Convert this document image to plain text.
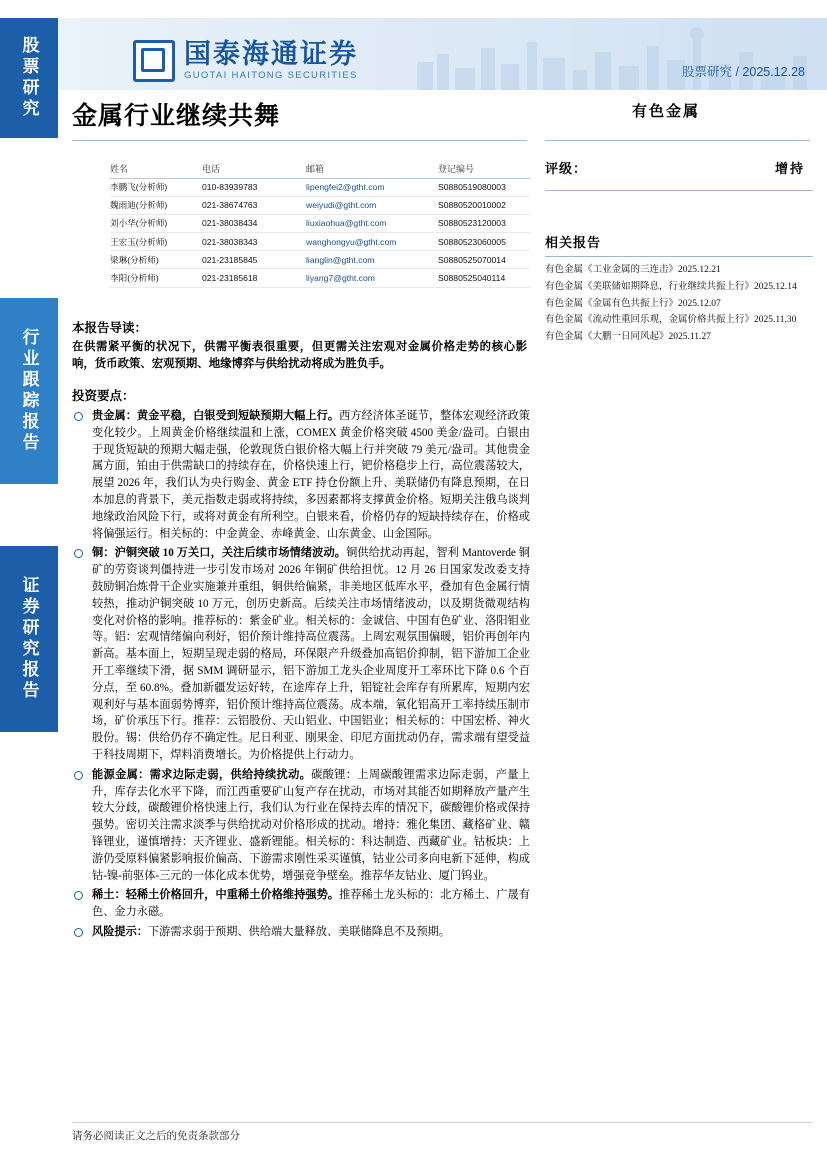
股票研究
行业跟踪报告
证券研究报告
国泰海通证券
GUOTAI HAITONG SECURITIES	股票研究 / 2025.12.28
金属行业继续共舞	有色金属
姓名	电话	邮箱	登记编号
李鹏飞(分析师)	010-83939783	lipengfei2@gtht.com	S0880519080003
魏雨迪(分析师)	021-38674763	weiyudi@gtht.com	S0880520010002
刘小华(分析师)	021-38038434	liuxiaohua@gtht.com	S0880523120003
王宏玉(分析师)	021-38038343	wanghongyu@gtht.com	S0880523060005
梁琳(分析师)	021-23185845	lianglin@gtht.com	S0880525070014
李阳(分析师)	021-23185618	liyang7@gtht.com	S0880525040114
评级：	增持
相关报告
有色金属《工业金属的三连击》2025.12.21
有色金属《美联储如期降息，行业继续共振上行》2025.12.14
有色金属《金属有色共振上行》2025.12.07
有色金属《流动性重回乐观，金属价格共振上行》2025.11.30
有色金属《大鹏一日同风起》2025.11.27
本报告导读：
在供需紧平衡的状况下，供需平衡表很重要，但更需关注宏观对金属价格走势的核心影响，货币政策、宏观预期、地缘博弈与供给扰动将成为胜负手。
投资要点：

贵金属：黄金平稳，白银受到短缺预期大幅上行。西方经济体圣诞节，整体宏观经济政策变化较少。上周黄金价格继续温和上涨，COMEX 黄金价格突破 4500 美金/盎司。白银由于现货短缺的预期大幅走强，伦敦现货白银价格大幅上行并突破 79 美元/盎司。其他贵金属方面，铂由于供需缺口的持续存在，价格快速上行，钯价格稳步上行，高位震荡较大，展望 2026 年，我们认为央行购金、黄金 ETF 持仓份额上升、美联储仍有降息预期，在日本加息的背景下，美元指数走弱或将持续，多因素都将支撑黄金价格。短期关注俄乌谈判地缘政治风险下行，或将对黄金有所利空。白银来看，价格仍存的短缺持续存在，价格或将偏强运行。相关标的：中金黄金、赤峰黄金、山东黄金、山金国际。

铜：沪铜突破 10 万关口，关注后续市场情绪波动。铜供给扰动再起，智利 Mantoverde 铜矿的劳资谈判僵持进一步引发市场对 2026 年铜矿供给担忧。12 月 26 日国家发改委支持鼓励铜冶炼骨干企业实施兼并重组，铜供给偏紧，非美地区低库水平，叠加有色金属行情较热，推动沪铜突破 10 万元，创历史新高。后续关注市场情绪波动，以及期货微观结构变化对价格的影响。推荐标的：紫金矿业。相关标的：金诚信、中国有色矿业、洛阳钼业等。铝：宏观情绪偏向利好，铝价预计维持高位震荡。上周宏观氛围偏暖，铝价再创年内新高。基本面上，短期呈现走弱的格局，环保限产升级叠加高铝价抑制，铝下游加工企业开工率继续下滑，据 SMM 调研显示，铝下游加工龙头企业周度开工率环比下降 0.6 个百分点，至 60.8%。叠加新疆发运好转，在途库存上升，铝锭社会库存有所累库，短期内宏观利好与基本面弱势博弈，铝价预计维持高位震荡。成本端，氧化铝高开工率持续压制市场，矿价承压下行。推荐：云铝股份、天山铝业、中国铝业；相关标的：中国宏桥、神火股份。锡：供给仍存不确定性。尼日利亚、刚果金、印尼方面扰动仍存，需求端有望受益于科技周期下，焊料消费增长。为价格提供上行动力。

能源金属：需求边际走弱，供给持续扰动。碳酸锂：上周碳酸锂需求边际走弱，产量上升，库存去化水平下降，而江西重要矿山复产存在扰动，市场对其能否如期释放产量产生较大分歧，碳酸锂价格快速上行，我们认为行业在保持去库的情况下，碳酸锂价格或保持强势。密切关注需求淡季与供给扰动对价格形成的扰动。增持：雅化集团、藏格矿业、赣锋锂业，谨慎增持：天齐锂业、盛新锂能。相关标的：科达制造、西藏矿业。钴板块：上游仍受原料偏紧影响报价偏高、下游需求刚性采买谨慎，钴业公司多向电新下延伸，构成钴-镍-前驱体-三元的一体化成本优势，增强竞争壁垒。推荐华友钴业、厦门钨业。

稀土：轻稀土价格回升，中重稀土价格维持强势。推荐稀土龙头标的：北方稀土、广晟有色、金力永磁。

风险提示：下游需求弱于预期、供给端大量释放、美联储降息不及预期。

请务必阅读正文之后的免责条款部分
